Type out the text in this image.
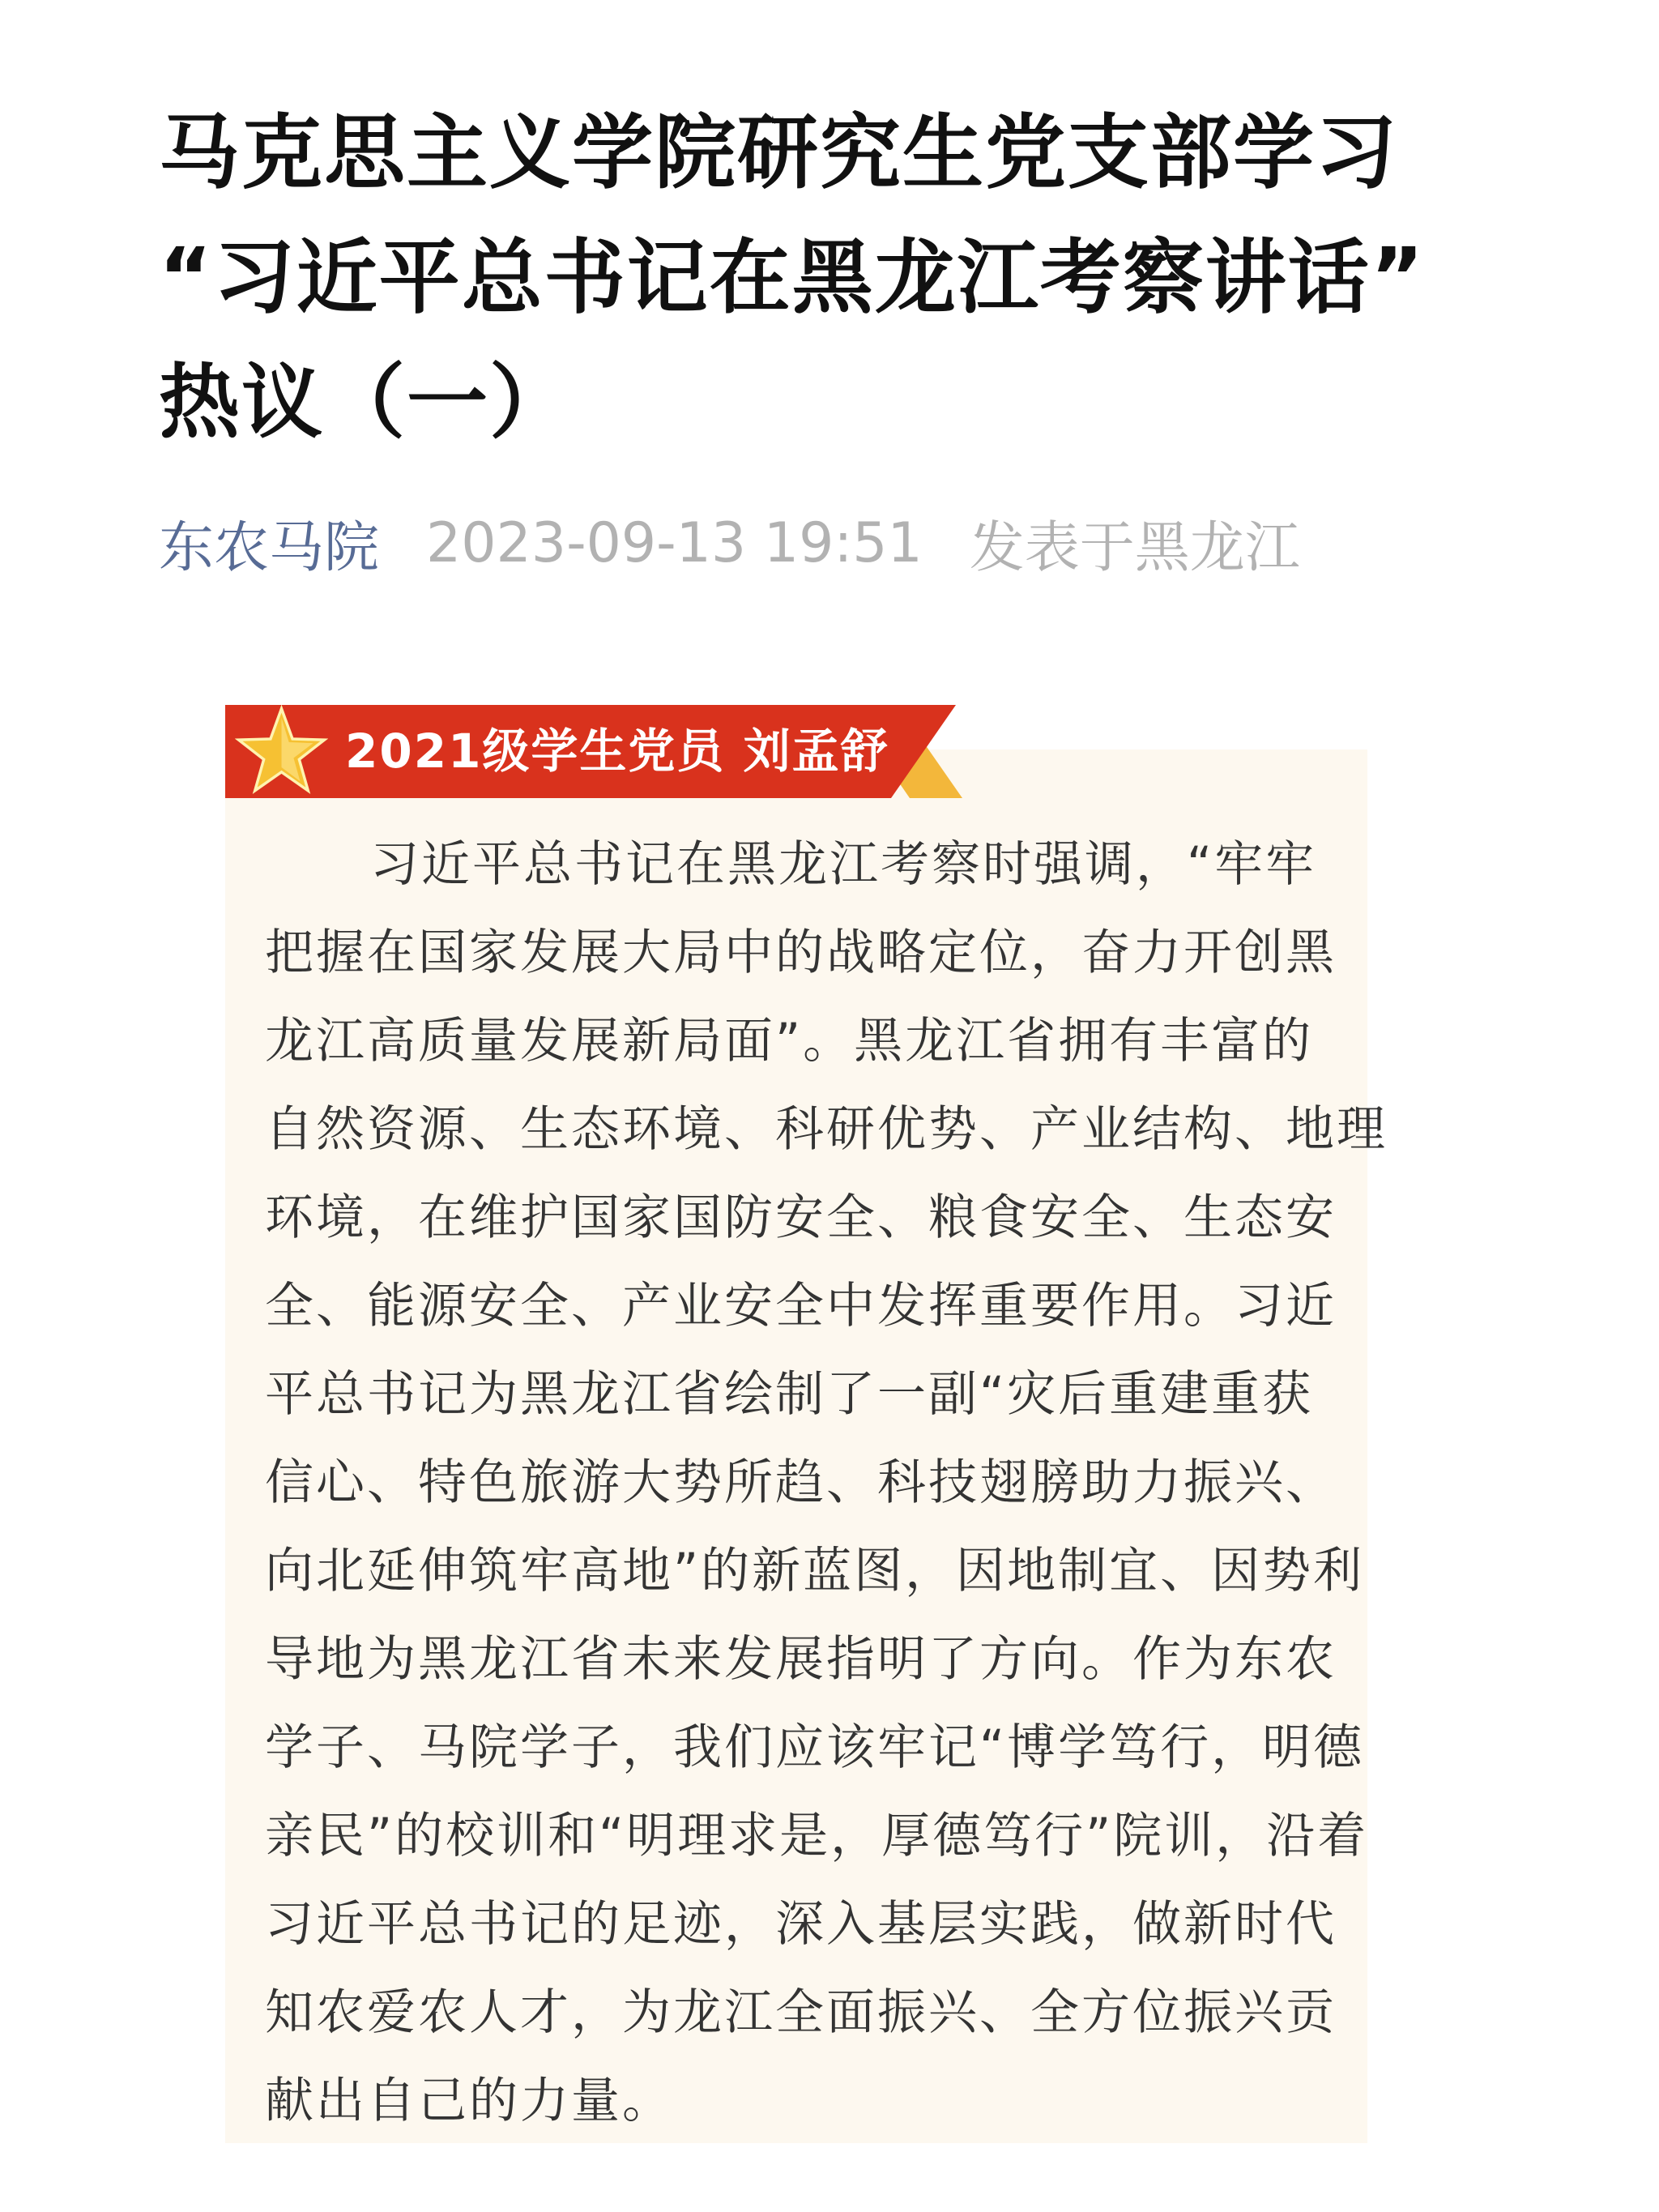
马克思主义学院研究生党支部学习
“习近平总书记在黑龙江考察讲话”
热议（一）
东农马院 2023-09-13 19:51 发表于黑龙江
2021级学生党员 刘孟舒

习近平总书记在黑龙江考察时强调，“牢牢
把握在国家发展大局中的战略定位，奋力开创黑
龙江高质量发展新局面”。黑龙江省拥有丰富的
自然资源、生态环境、科研优势、产业结构、地理
环境，在维护国家国防安全、粮食安全、生态安
全、能源安全、产业安全中发挥重要作用。习近
平总书记为黑龙江省绘制了一副“灾后重建重获
信心、特色旅游大势所趋、科技翅膀助力振兴、
向北延伸筑牢高地”的新蓝图，因地制宜、因势利
导地为黑龙江省未来发展指明了方向。作为东农
学子、马院学子，我们应该牢记“博学笃行，明德
亲民”的校训和“明理求是，厚德笃行”院训，沿着
习近平总书记的足迹，深入基层实践，做新时代
知农爱农人才，为龙江全面振兴、全方位振兴贡
献出自己的力量。
